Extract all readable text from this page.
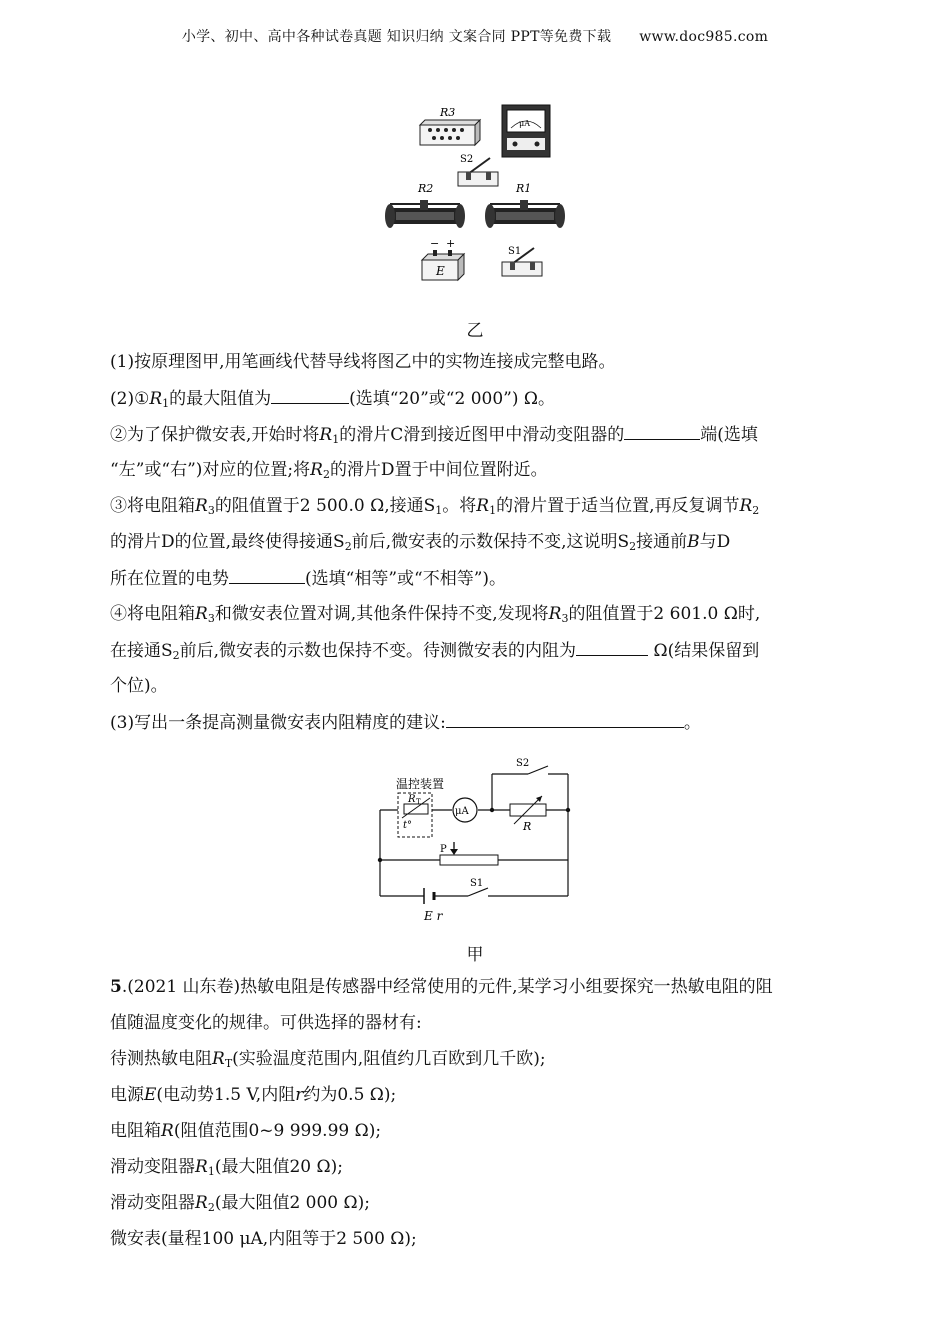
小学、初中、高中各种试卷真题 知识归纳 文案合同 PPT等免费下载 www.doc985.com
R3
μA
S2
R2	R1
− +
E
S1
乙
(1)按原理图甲,用笔画线代替导线将图乙中的实物连接成完整电路。
$(2)①R_1$的最大阻值为	(选填“20”或“2 000”) Ω。
②为了保护微安表,开始时将$R_1$的滑片C滑到接近图甲中滑动变阻器的	端(选填
“左”或“右”)对应的位置;将$R_2$的滑片D置于中间位置附近。
③将电阻箱$R_3$的阻值置于2 500.0 Ω,接通$S_1$。将$R_1$的滑片置于适当位置,再反复调节$R_2$
的滑片D的位置,最终使得接通$S_2$前后,微安表的示数保持不变,这说明$S_2$接通前B与D
所在位置的电势	(选填“相等”或“不相等”)。
④将电阻箱$R_3$和微安表位置对调,其他条件保持不变,发现将$R_3$的阻值置于2 601.0 Ω时,
在接通$S_2$前后,微安表的示数也保持不变。待测微安表的内阻为	Ω(结果保留到
个位)。
(3)写出一条提高测量微安表内阻精度的建议:	。
温控装置
R T
t°
μA
R
S2
P
E r
S1
甲
5.(2021 山东卷)热敏电阻是传感器中经常使用的元件,某学习小组要探究一热敏电阻的阻
值随温度变化的规律。可供选择的器材有:
待测热敏电阻$R_T$(实验温度范围内,阻值约几百欧到几千欧);
电源E(电动势1.5 V,内阻r约为0.5 Ω);
电阻箱R(阻值范围0~9 999.99 Ω);
滑动变阻器$R_1$(最大阻值20 Ω);
滑动变阻器$R_2$(最大阻值2 000 Ω);
微安表(量程100 μA,内阻等于2 500 Ω);
